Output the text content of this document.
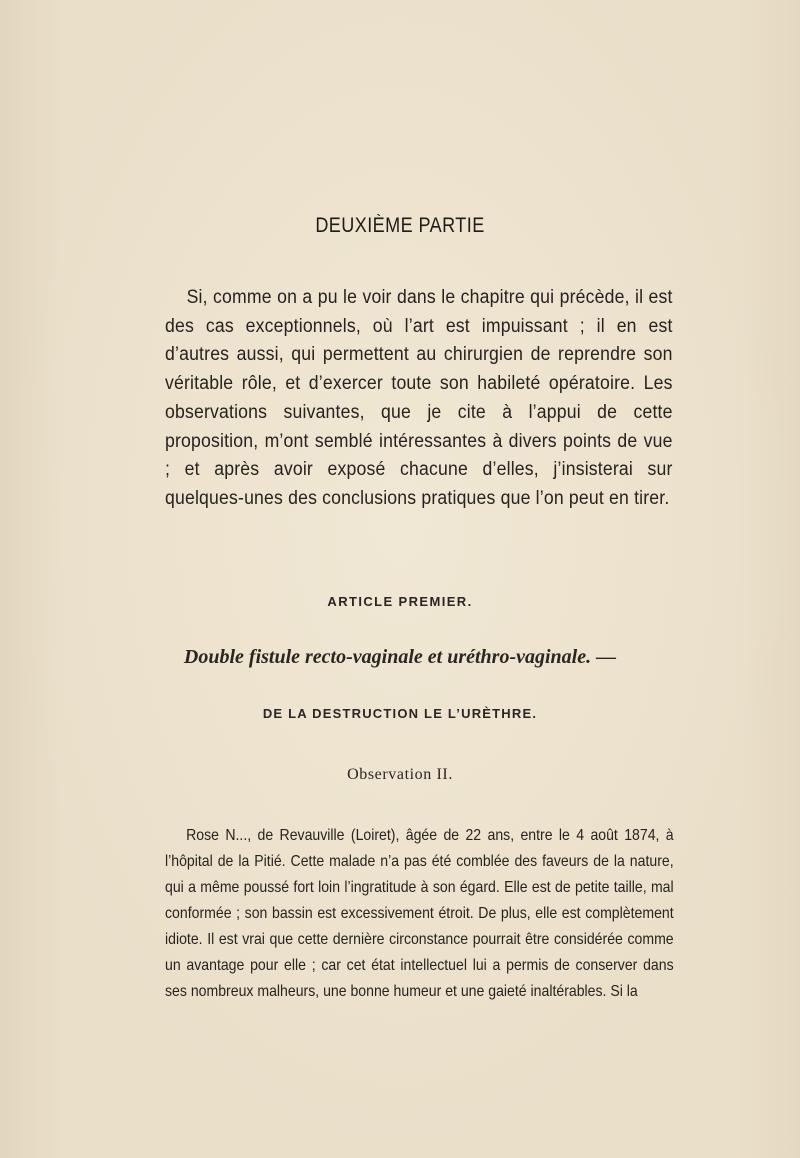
DEUXIÈME PARTIE
Si, comme on a pu le voir dans le chapitre qui précède, il est des cas exceptionnels, où l’art est impuissant ; il en est d’autres aussi, qui permettent au chirurgien de reprendre son véritable rôle, et d’exercer toute son habileté opératoire. Les observations suivantes, que je cite à l’appui de cette proposition, m’ont semblé intéressantes à divers points de vue ; et après avoir exposé chacune d’elles, j’insisterai sur quelques-unes des conclusions pratiques que l’on peut en tirer.
ARTICLE PREMIER.
Double fistule recto-vaginale et uréthro-vaginale. —
DE LA DESTRUCTION LE L’URÈTHRE.
Observation II.
Rose N..., de Revauville (Loiret), âgée de 22 ans, entre le 4 août 1874, à l’hôpital de la Pitié. Cette malade n’a pas été comblée des faveurs de la nature, qui a même poussé fort loin l’ingratitude à son égard. Elle est de petite taille, mal conformée ; son bassin est excessivement étroit. De plus, elle est complètement idiote. Il est vrai que cette dernière circonstance pourrait être considérée comme un avantage pour elle ; car cet état intellectuel lui a permis de conserver dans ses nombreux malheurs, une bonne humeur et une gaieté inaltérables. Si la
